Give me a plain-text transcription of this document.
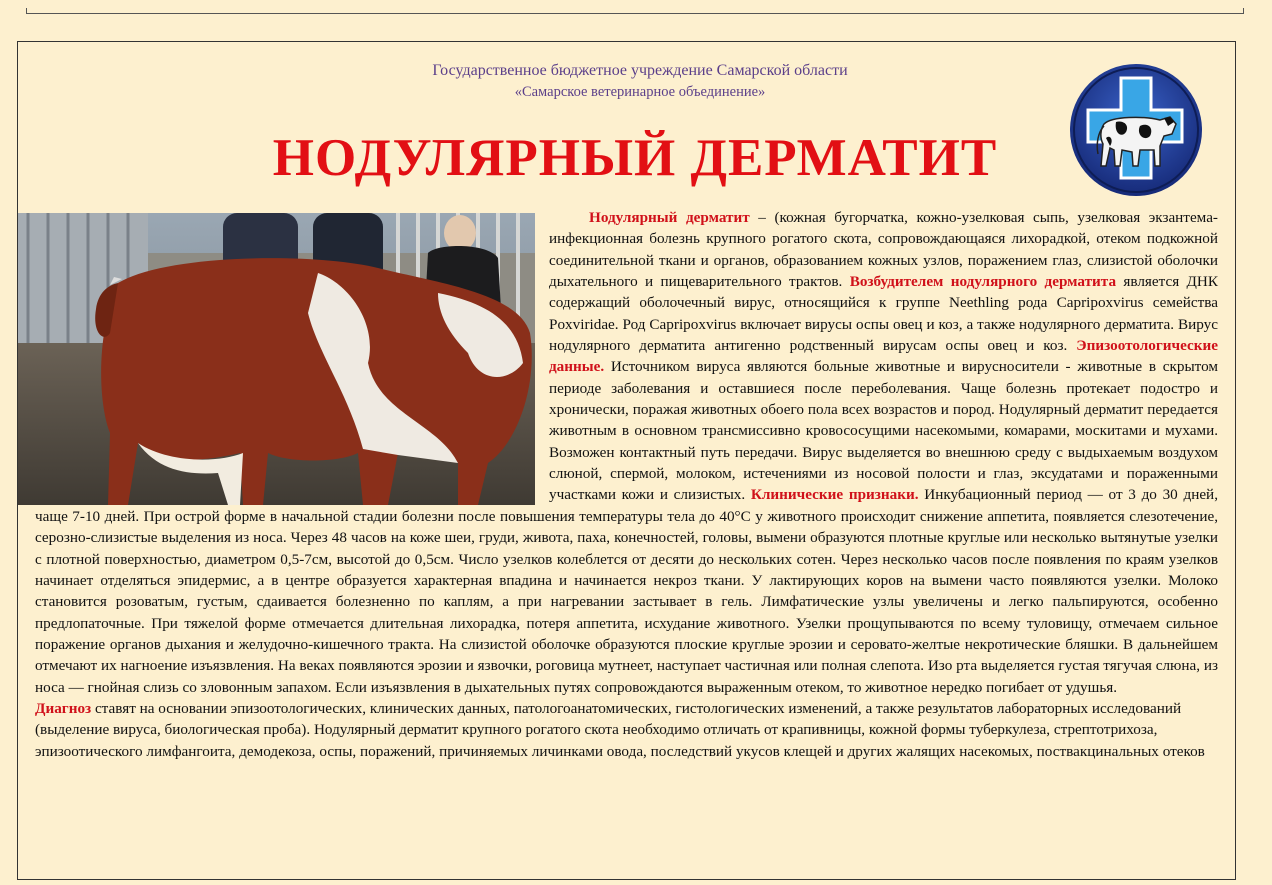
Государственное бюджетное учреждение Самарской области
«Самарское ветеринарное объединение»
НОДУЛЯРНЫЙ ДЕРМАТИТ

Нодулярный дерматит – (кожная бугорчатка, кожно-узелковая сыпь, узелковая экзантема-инфекционная болезнь крупного рогатого скота, сопровождающаяся лихорадкой, отеком подкожной соединительной ткани и органов, образованием кожных узлов, поражением глаз, слизистой оболочки дыхательного и пищеварительного трактов. Возбудителем нодулярного дерматита является ДНК содержащий оболочечный вирус, относящийся к группе Neethling рода Capripoxvirus семейства Poxviridae. Род Capripoxvirus включает вирусы оспы овец и коз, а также нодулярного дерматита. Вирус нодулярного дерматита антигенно родственный вирусам оспы овец и коз. Эпизоотологические данные. Источником вируса являются больные животные и вирусносители - животные в скрытом периоде заболевания и оставшиеся после переболевания. Чаще болезнь протекает подостро и хронически, поражая животных обоего пола всех возрастов и пород. Нодулярный дерматит передается животным в основном трансмиссивно кровососущими насекомыми, комарами, москитами и мухами. Возможен контактный путь передачи. Вирус выделяется во внешнюю среду с выдыхаемым воздухом слюной, спермой, молоком, истечениями из носовой полости и глаз, эксудатами и пораженными участками кожи и слизистых. Клинические признаки. Инкубационный период — от 3 до 30 дней, чаще 7-10 дней. При острой форме в начальной стадии болезни после повышения температуры тела до 40°С у животного происходит снижение аппетита, появляется слезотечение, серозно-слизистые выделения из носа. Через 48 часов на коже шеи, груди, живота, паха, конечностей, головы, вымени образуются плотные круглые или несколько вытянутые узелки с плотной поверхностью, диаметром 0,5-7см, высотой до 0,5см. Число узелков колеблется от десяти до нескольких сотен. Через несколько часов после появления по краям узелков начинает отделяться эпидермис, а в центре образуется характерная впадина и начинается некроз ткани. У лактирующих коров на вымени часто появляются узелки. Молоко становится розоватым, густым, сдаивается болезненно по каплям, а при нагревании застывает в гель. Лимфатические узлы увеличены и легко пальпируются, особенно предлопаточные. При тяжелой форме отмечается длительная лихорадка, потеря аппетита, исхудание животного. Узелки прощупываются по всему туловищу, отмечаем сильное поражение органов дыхания и желудочно-кишечного тракта. На слизистой оболочке образуются плоские круглые эрозии и серовато-желтые некротические бляшки. В дальнейшем отмечают их нагноение изъязвления. На веках появляются эрозии и язвочки, роговица мутнеет, наступает частичная или полная слепота. Изо рта выделяется густая тягучая слюна, из носа — гнойная слизь со зловонным запахом. Если изъязвления в дыхательных путях сопровождаются выраженным отеком, то животное нередко погибает от удушья.

Диагноз ставят на основании эпизоотологических, клинических данных, патологоанатомических, гистологических изменений, а также результатов лабораторных исследований (выделение вируса, биологическая проба). Нодулярный дерматит крупного рогатого скота необходимо отличать от крапивницы, кожной формы туберкулеза, стрептотрихоза, эпизоотического лимфангоита, демодекоза, оспы, поражений, причиняемых личинками овода, последствий укусов клещей и других жалящих насекомых, поствакцинальных отеков
